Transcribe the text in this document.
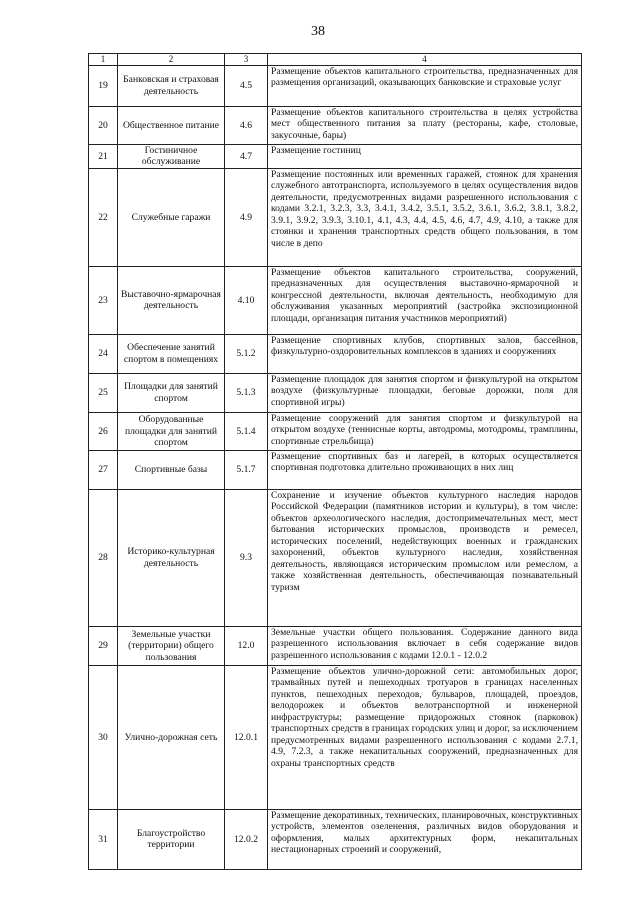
38
1	2	3	4
19	Банковская и страховая деятельность	4.5	Размещение объектов капитального строительства, предназначенных для размещения организаций, оказывающих банковские и страховые услуг
20	Общественное питание	4.6	Размещение объектов капитального строительства в целях устройства мест общественного питания за плату (рестораны, кафе, столовые, закусочные, бары)
21	Гостиничное обслуживание	4.7	Размещение гостиниц
22	Служебные гаражи	4.9	Размещение постоянных или временных гаражей, стоянок для хранения служебного автотранспорта, используемого в целях осуществления видов деятельности, предусмотренных видами разрешенного использования с кодами 3.2.1, 3.2.3, 3.3, 3.4.1, 3.4.2, 3.5.1, 3.5.2, 3.6.1, 3.6.2, 3.8.1, 3.8.2, 3.9.1, 3.9.2, 3.9.3, 3.10.1, 4.1, 4.3, 4.4, 4.5, 4.6, 4.7, 4.9, 4.10, а также для стоянки и хранения транспортных средств общего пользования, в том числе в депо
23	Выставочно-ярмарочная деятельность	4.10	Размещение объектов капитального строительства, сооружений, предназначенных для осуществления выставочно-ярмарочной и конгрессной деятельности, включая деятельность, необходимую для обслуживания указанных мероприятий (застройка экспозиционной площади, организация питания участников мероприятий)
24	Обеспечение занятий спортом в помещениях	5.1.2	Размещение спортивных клубов, спортивных залов, бассейнов, физкультурно-оздоровительных комплексов в зданиях и сооружениях
25	Площадки для занятий спортом	5.1.3	Размещение площадок для занятия спортом и физкультурой на открытом воздухе (физкультурные площадки, беговые дорожки, поля для спортивной игры)
26	Оборудованные площадки для занятий спортом	5.1.4	Размещение сооружений для занятия спортом и физкультурой на открытом воздухе (теннисные корты, автодромы, мотодромы, трамплины, спортивные стрельбища)
27	Спортивные базы	5.1.7	Размещение спортивных баз и лагерей, в которых осуществляется спортивная подготовка длительно проживающих в них лиц
28	Историко-культурная деятельность	9.3	Сохранение и изучение объектов культурного наследия народов Российской Федерации (памятников истории и культуры), в том числе: объектов археологического наследия, достопримечательных мест, мест бытования исторических промыслов, производств и ремесел, исторических поселений, недействующих военных и гражданских захоронений, объектов культурного наследия, хозяйственная деятельность, являющаяся историческим промыслом или ремеслом, а также хозяйственная деятельность, обеспечивающая познавательный туризм
29	Земельные участки (территории) общего пользования	12.0	Земельные участки общего пользования. Содержание данного вида разрешенного использования включает в себя содержание видов разрешенного использования с кодами 12.0.1 - 12.0.2
30	Улично-дорожная сеть	12.0.1	Размещение объектов улично-дорожной сети: автомобильных дорог, трамвайных путей и пешеходных тротуаров в границах населенных пунктов, пешеходных переходов, бульваров, площадей, проездов, велодорожек и объектов велотранспортной и инженерной инфраструктуры; размещение придорожных стоянок (парковок) транспортных средств в границах городских улиц и дорог, за исключением предусмотренных видами разрешенного использования с кодами 2.7.1, 4.9, 7.2.3, а также некапитальных сооружений, предназначенных для охраны транспортных средств
31	Благоустройство территории	12.0.2	Размещение декоративных, технических, планировочных, конструктивных устройств, элементов озеленения, различных видов оборудования и оформления, малых архитектурных форм, некапитальных нестационарных строений и сооружений,
